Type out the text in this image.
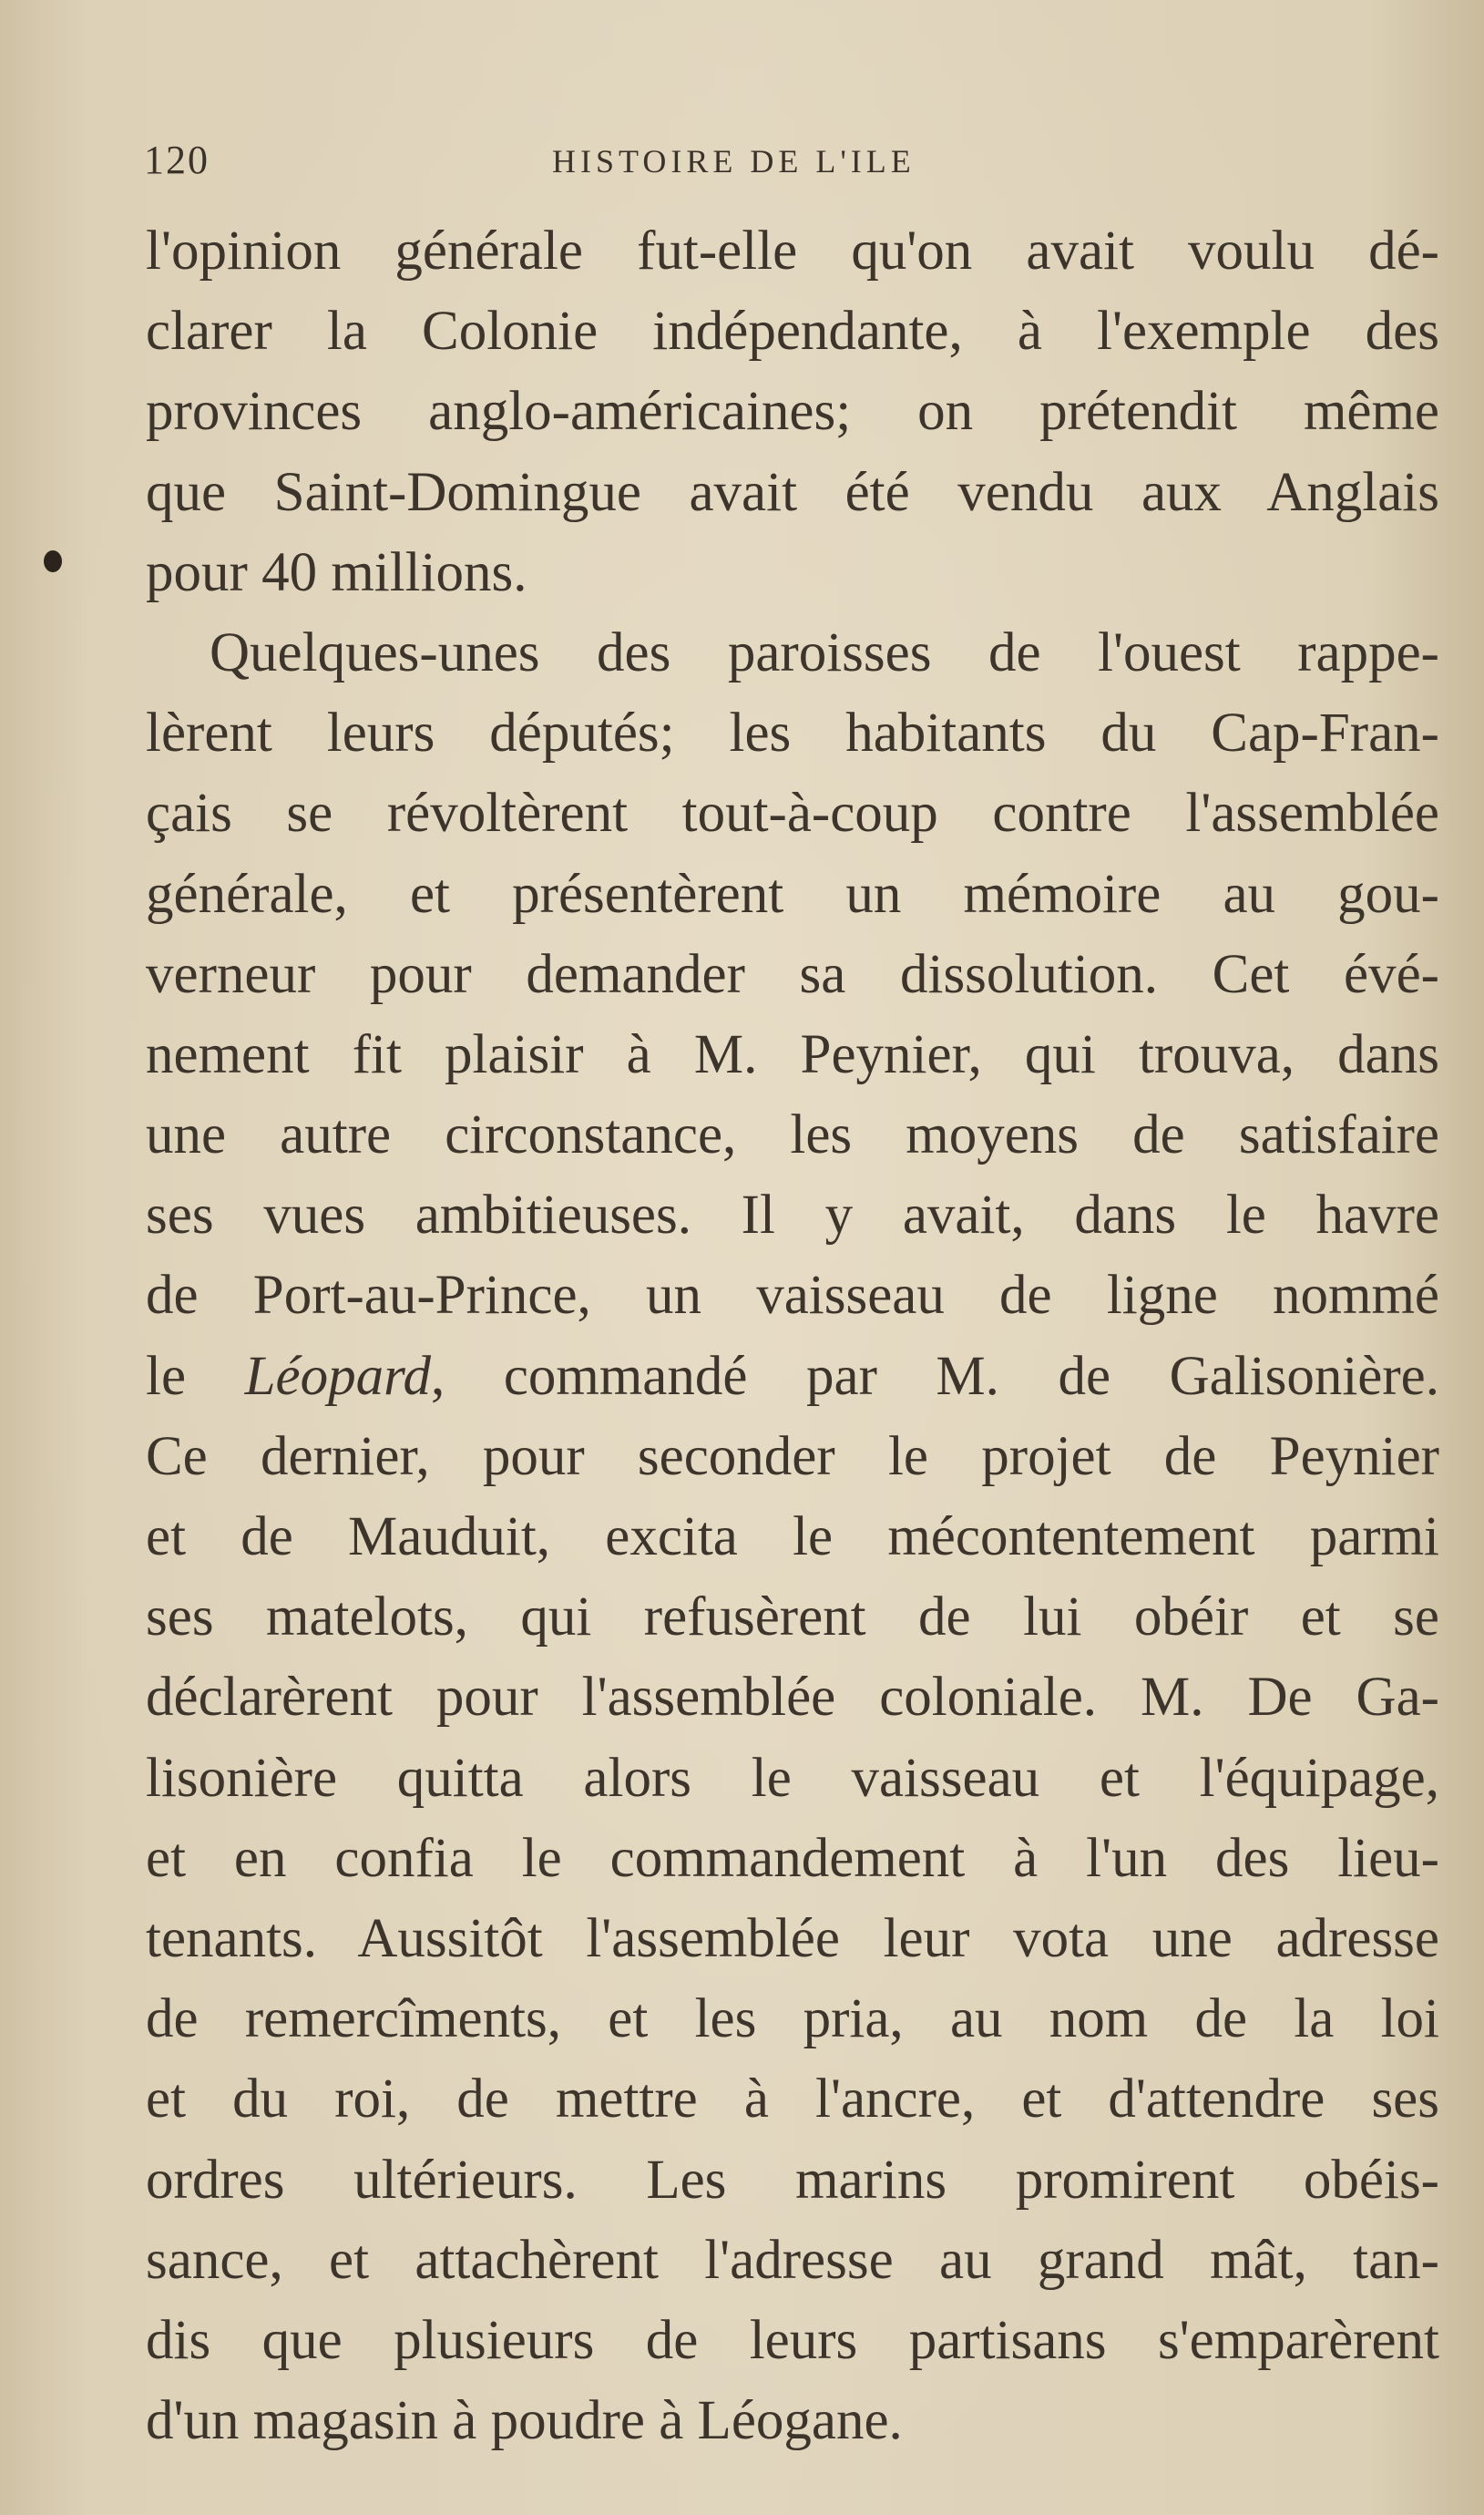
120	HISTOIRE DE L'ILE
l'opinion générale fut-elle qu'on avait voulu dé-
clarer la Colonie indépendante, à l'exemple des
provinces anglo-américaines; on prétendit même
que Saint-Domingue avait été vendu aux Anglais
pour 40 millions.
Quelques-unes des paroisses de l'ouest rappe-
lèrent leurs députés; les habitants du Cap-Fran-
çais se révoltèrent tout-à-coup contre l'assemblée
générale, et présentèrent un mémoire au gou-
verneur pour demander sa dissolution. Cet évé-
nement fit plaisir à M. Peynier, qui trouva, dans
une autre circonstance, les moyens de satisfaire
ses vues ambitieuses. Il y avait, dans le havre
de Port-au-Prince, un vaisseau de ligne nommé
le Léopard, commandé par M. de Galisonière.
Ce dernier, pour seconder le projet de Peynier
et de Mauduit, excita le mécontentement parmi
ses matelots, qui refusèrent de lui obéir et se
déclarèrent pour l'assemblée coloniale. M. De Ga-
lisonière quitta alors le vaisseau et l'équipage,
et en confia le commandement à l'un des lieu-
tenants. Aussitôt l'assemblée leur vota une adresse
de remercîments, et les pria, au nom de la loi
et du roi, de mettre à l'ancre, et d'attendre ses
ordres ultérieurs. Les marins promirent obéis-
sance, et attachèrent l'adresse au grand mât, tan-
dis que plusieurs de leurs partisans s'emparèrent
d'un magasin à poudre à Léogane.
